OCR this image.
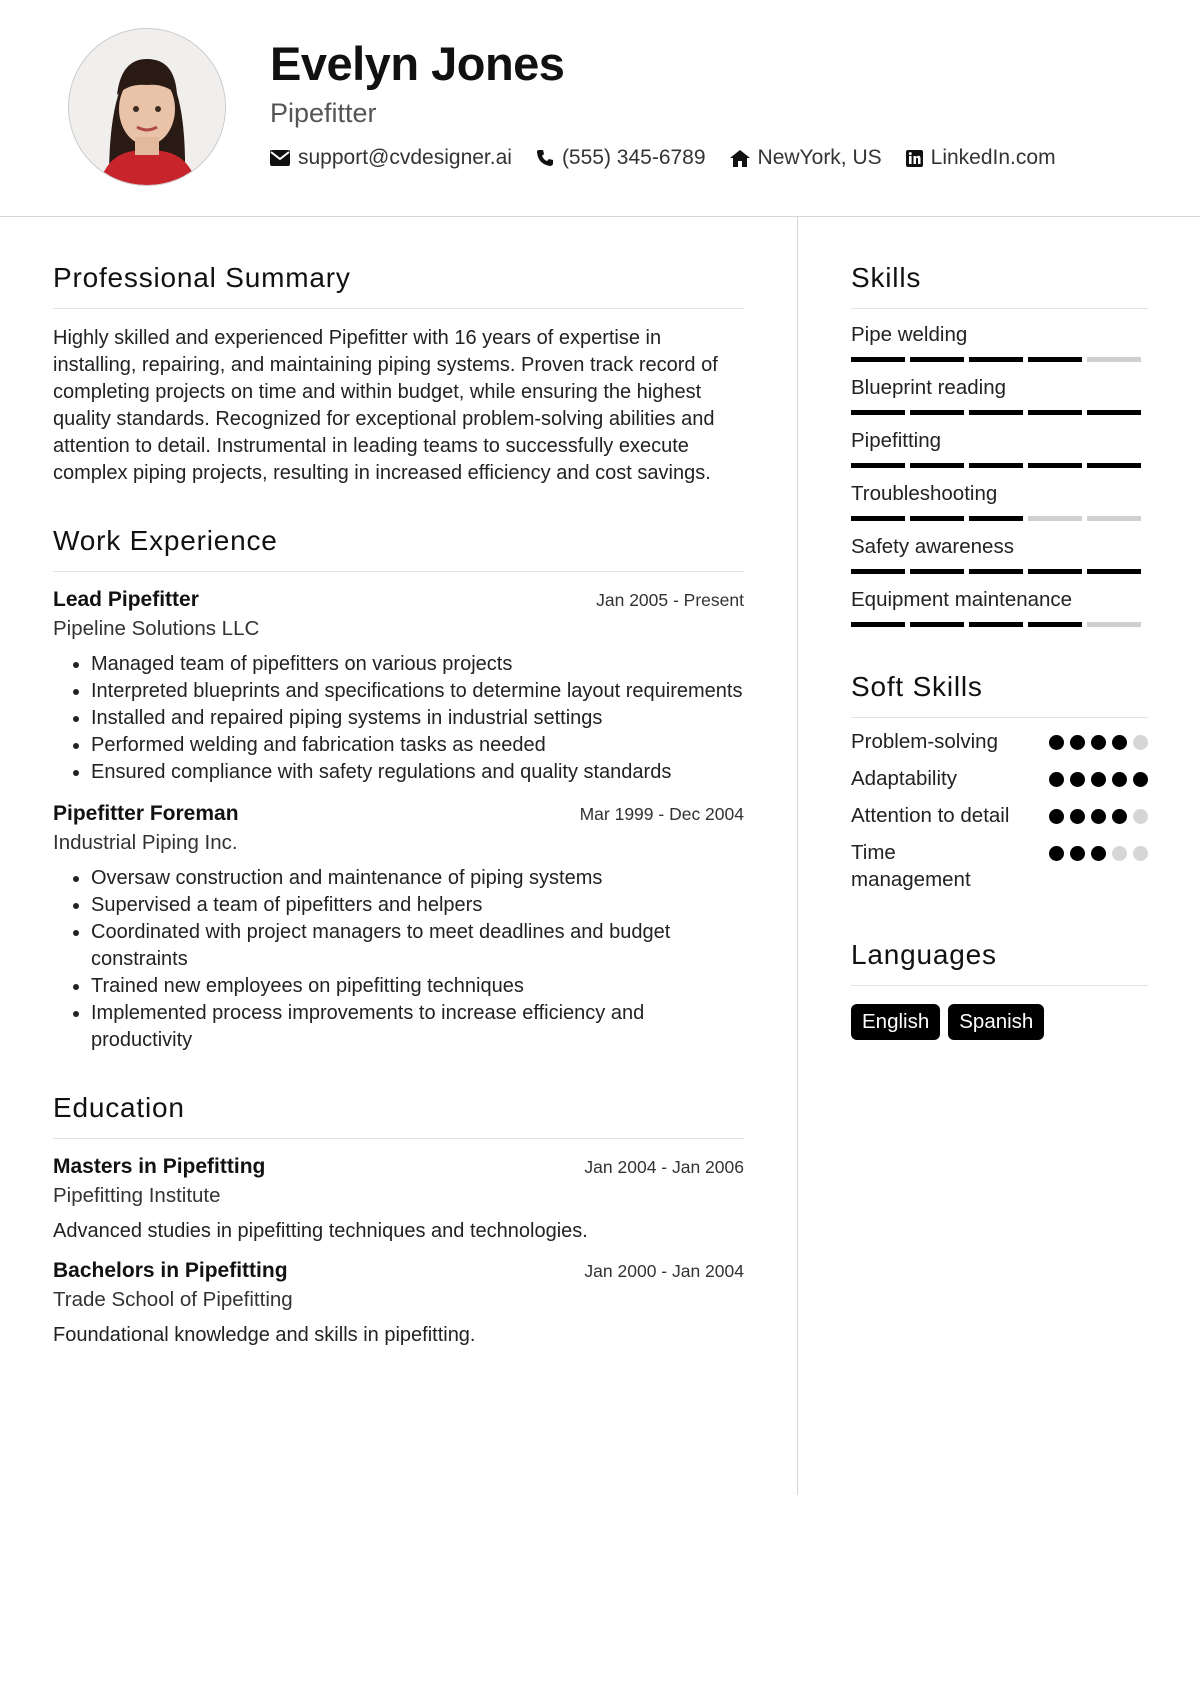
Evelyn Jones
Pipefitter
support@cvdesigner.ai (555) 345-6789 NewYork, US LinkedIn.com
Professional Summary

Highly skilled and experienced Pipefitter with 16 years of expertise in installing, repairing, and maintaining piping systems. Proven track record of completing projects on time and within budget, while ensuring the highest quality standards. Recognized for exceptional problem-solving abilities and attention to detail. Instrumental in leading teams to successfully execute complex piping projects, resulting in increased efficiency and cost savings.

Work Experience
Lead Pipefitter	Jan 2005 - Present
Pipeline Solutions LLC
• Managed team of pipefitters on various projects
• Interpreted blueprints and specifications to determine layout requirements
• Installed and repaired piping systems in industrial settings
• Performed welding and fabrication tasks as needed
• Ensured compliance with safety regulations and quality standards
Pipefitter Foreman	Mar 1999 - Dec 2004
Industrial Piping Inc.
• Oversaw construction and maintenance of piping systems
• Supervised a team of pipefitters and helpers
• Coordinated with project managers to meet deadlines and budget constraints
• Trained new employees on pipefitting techniques
• Implemented process improvements to increase efficiency and productivity
Education
Masters in Pipefitting	Jan 2004 - Jan 2006
Pipefitting Institute
Advanced studies in pipefitting techniques and technologies.
Bachelors in Pipefitting	Jan 2000 - Jan 2004
Trade School of Pipefitting
Foundational knowledge and skills in pipefitting.
Skills
Pipe welding
Blueprint reading
Pipefitting
Troubleshooting
Safety awareness
Equipment maintenance
Soft Skills
Problem-solving
Adaptability
Attention to detail
Time management
Languages
English	Spanish
